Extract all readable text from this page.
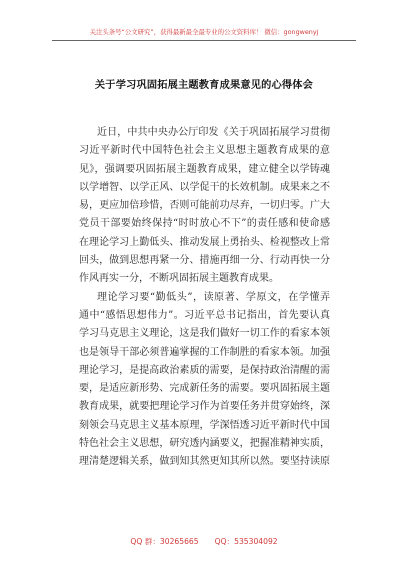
关注头条号“公文研究”，获得最新最全最专业的公文资料库！ 微信：gongwenyj
关于学习巩固拓展主题教育成果意见的心得体会
近日，中共中央办公厅印发《关于巩固拓展学习贯彻
习近平新时代中国特色社会主义思想主题教育成果的意
见》，强调要巩固拓展主题教育成果，建立健全以学铸魂
以学增智、以学正风、以学促干的长效机制。成果来之不
易，更应加倍珍惜，否则可能前功尽弃，一切归零。广大
党员干部要始终保持“时时放心不下”的责任感和使命感
在理论学习上勤低头、推动发展上勇抬头、检视整改上常
回头，做到思想再紧一分、措施再细一分、行动再快一分
作风再实一分，不断巩固拓展主题教育成果。
理论学习要“勤低头”，读原著、学原文，在学懂弄
通中“感悟思想伟力”。习近平总书记指出，首先要认真
学习马克思主义理论，这是我们做好一切工作的看家本领
也是领导干部必须普遍掌握的工作制胜的看家本领。加强
理论学习，是提高政治素质的需要，是保持政治清醒的需
要，是适应新形势、完成新任务的需要。要巩固拓展主题
教育成果，就要把理论学习作为首要任务并贯穿始终，深
刻领会马克思主义基本原理，学深悟透习近平新时代中国
特色社会主义思想，研究透内涵要义，把握准精神实质，
理清楚逻辑关系，做到知其然更知其所以然。要坚持读原
QQ 群：30265665 QQ：535304092
